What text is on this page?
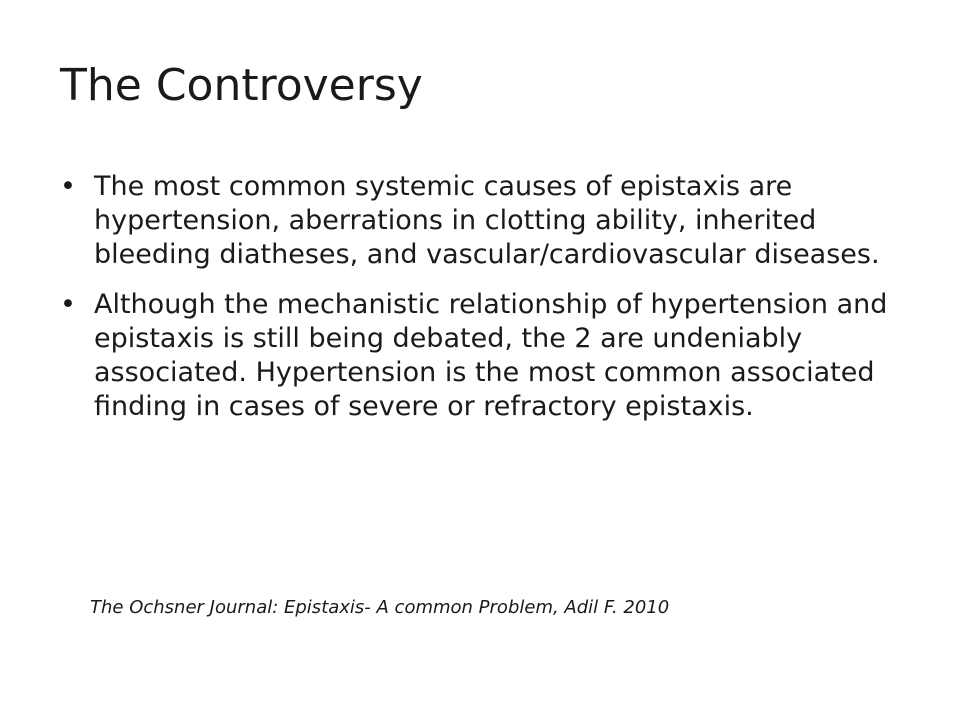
The Controversy
• The most common systemic causes of epistaxis are hypertension, aberrations in clotting ability, inherited bleeding diatheses, and vascular/cardiovascular diseases.
• Although the mechanistic relationship of hypertension and epistaxis is still being debated, the 2 are undeniably associated. Hypertension is the most common associated finding in cases of severe or refractory epistaxis.

The Ochsner Journal: Epistaxis- A common Problem, Adil F. 2010
